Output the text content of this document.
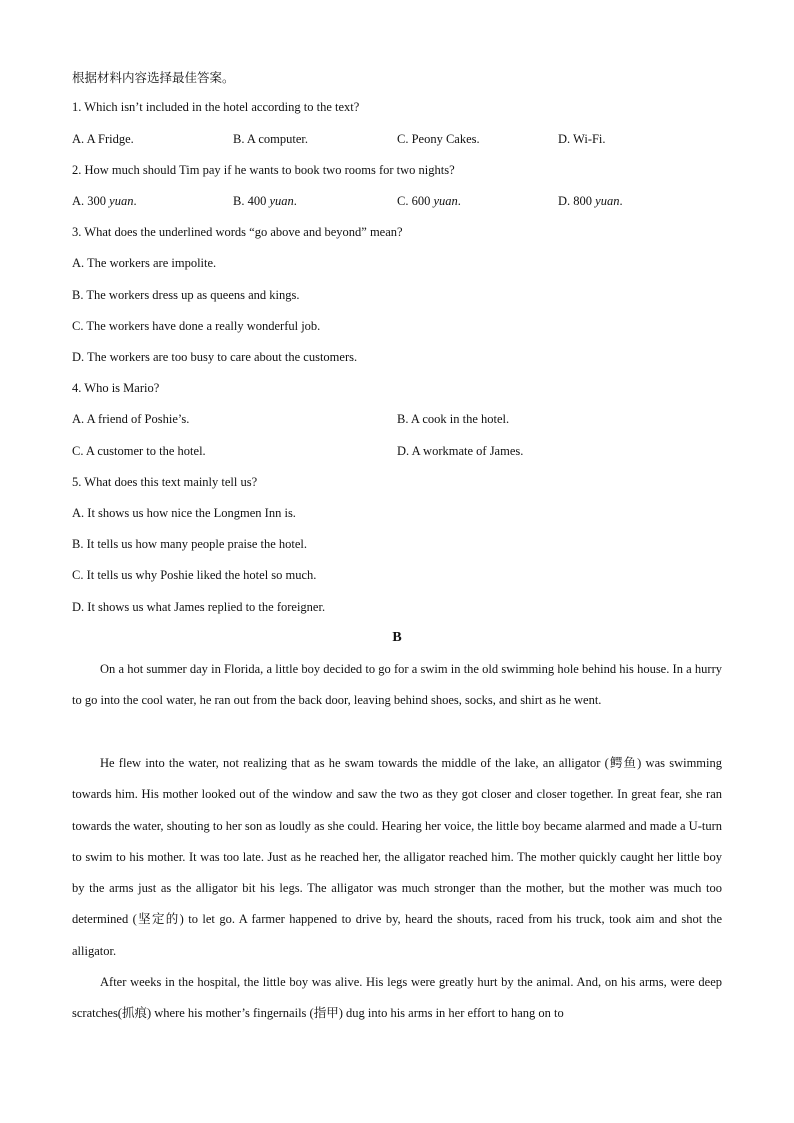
根据材料内容选择最佳答案。
1. Which isn’t included in the hotel according to the text?
A. A Fridge.	B. A computer.	C. Peony Cakes.	D. Wi-Fi.
2. How much should Tim pay if he wants to book two rooms for two nights?
A. 300 yuan.	B. 400 yuan.	C. 600 yuan.	D. 800 yuan.
3. What does the underlined words “go above and beyond” mean?
A. The workers are impolite.
B. The workers dress up as queens and kings.
C. The workers have done a really wonderful job.
D. The workers are too busy to care about the customers.
4. Who is Mario?
A. A friend of Poshie’s.	B. A cook in the hotel.
C. A customer to the hotel.	D. A workmate of James.
5. What does this text mainly tell us?
A. It shows us how nice the Longmen Inn is.
B. It tells us how many people praise the hotel.
C. It tells us why Poshie liked the hotel so much.
D. It shows us what James replied to the foreigner.
B

On a hot summer day in Florida, a little boy decided to go for a swim in the old swimming hole behind his house. In a hurry to go into the cool water, he ran out from the back door, leaving behind shoes, socks, and shirt as he went.

He flew into the water, not realizing that as he swam towards the middle of the lake, an alligator (鳄鱼) was swimming towards him. His mother looked out of the window and saw the two as they got closer and closer together. In great fear, she ran towards the water, shouting to her son as loudly as she could. Hearing her voice, the little boy became alarmed and made a U-turn to swim to his mother. It was too late. Just as he reached her, the alligator reached him. The mother quickly caught her little boy by the arms just as the alligator bit his legs. The alligator was much stronger than the mother, but the mother was much too determined (坚定的) to let go. A farmer happened to drive by, heard the shouts, raced from his truck, took aim and shot the alligator.

After weeks in the hospital, the little boy was alive. His legs were greatly hurt by the animal. And, on his arms, were deep scratches(抓痕) where his mother’s fingernails (指甲) dug into his arms in her effort to hang on to
